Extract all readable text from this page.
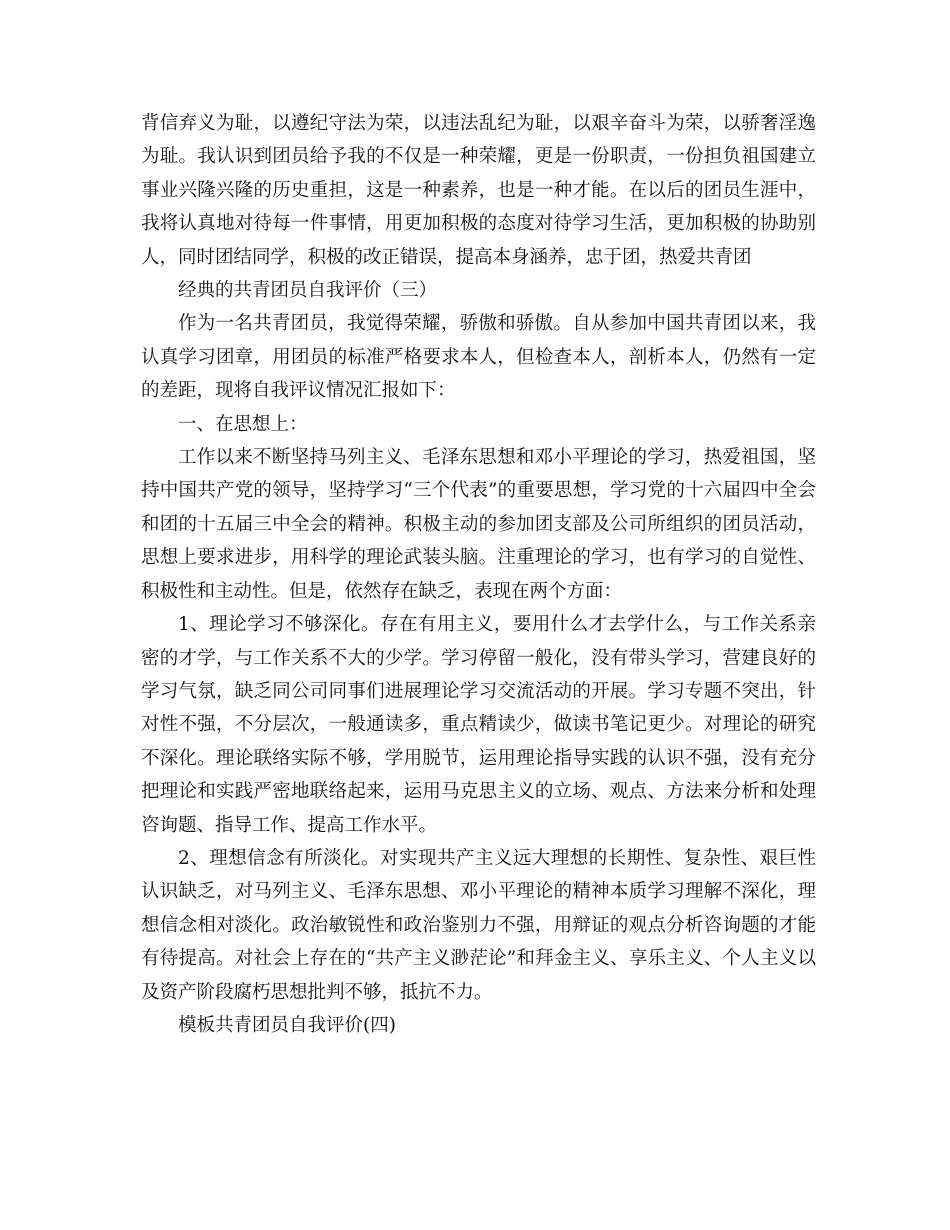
背信弃义为耻，以遵纪守法为荣，以违法乱纪为耻，以艰辛奋斗为荣，以骄奢淫逸为耻。我认识到团员给予我的不仅是一种荣耀，更是一份职责，一份担负祖国建立事业兴隆兴隆的历史重担，这是一种素养，也是一种才能。在以后的团员生涯中，我将认真地对待每一件事情，用更加积极的态度对待学习生活，更加积极的协助别人，同时团结同学，积极的改正错误，提高本身涵养，忠于团，热爱共青团

经典的共青团员自我评价（三）

作为一名共青团员，我觉得荣耀，骄傲和骄傲。自从参加中国共青团以来，我认真学习团章，用团员的标准严格要求本人，但检查本人，剖析本人，仍然有一定的差距，现将自我评议情况汇报如下：

一、在思想上：

工作以来不断坚持马列主义、毛泽东思想和邓小平理论的学习，热爱祖国，坚持中国共产党的领导，坚持学习“三个代表”的重要思想，学习党的十六届四中全会和团的十五届三中全会的精神。积极主动的参加团支部及公司所组织的团员活动，思想上要求进步，用科学的理论武装头脑。注重理论的学习，也有学习的自觉性、积极性和主动性。但是，依然存在缺乏，表现在两个方面：

1、理论学习不够深化。存在有用主义，要用什么才去学什么，与工作关系亲密的才学，与工作关系不大的少学。学习停留一般化，没有带头学习，营建良好的学习气氛，缺乏同公司同事们进展理论学习交流活动的开展。学习专题不突出，针对性不强，不分层次，一般通读多，重点精读少，做读书笔记更少。对理论的研究不深化。理论联络实际不够，学用脱节，运用理论指导实践的认识不强，没有充分把理论和实践严密地联络起来，运用马克思主义的立场、观点、方法来分析和处理咨询题、指导工作、提高工作水平。

2、理想信念有所淡化。对实现共产主义远大理想的长期性、复杂性、艰巨性认识缺乏，对马列主义、毛泽东思想、邓小平理论的精神本质学习理解不深化，理想信念相对淡化。政治敏锐性和政治鉴别力不强，用辩证的观点分析咨询题的才能有待提高。对社会上存在的“共产主义渺茫论”和拜金主义、享乐主义、个人主义以及资产阶段腐朽思想批判不够，抵抗不力。

模板共青团员自我评价(四)
